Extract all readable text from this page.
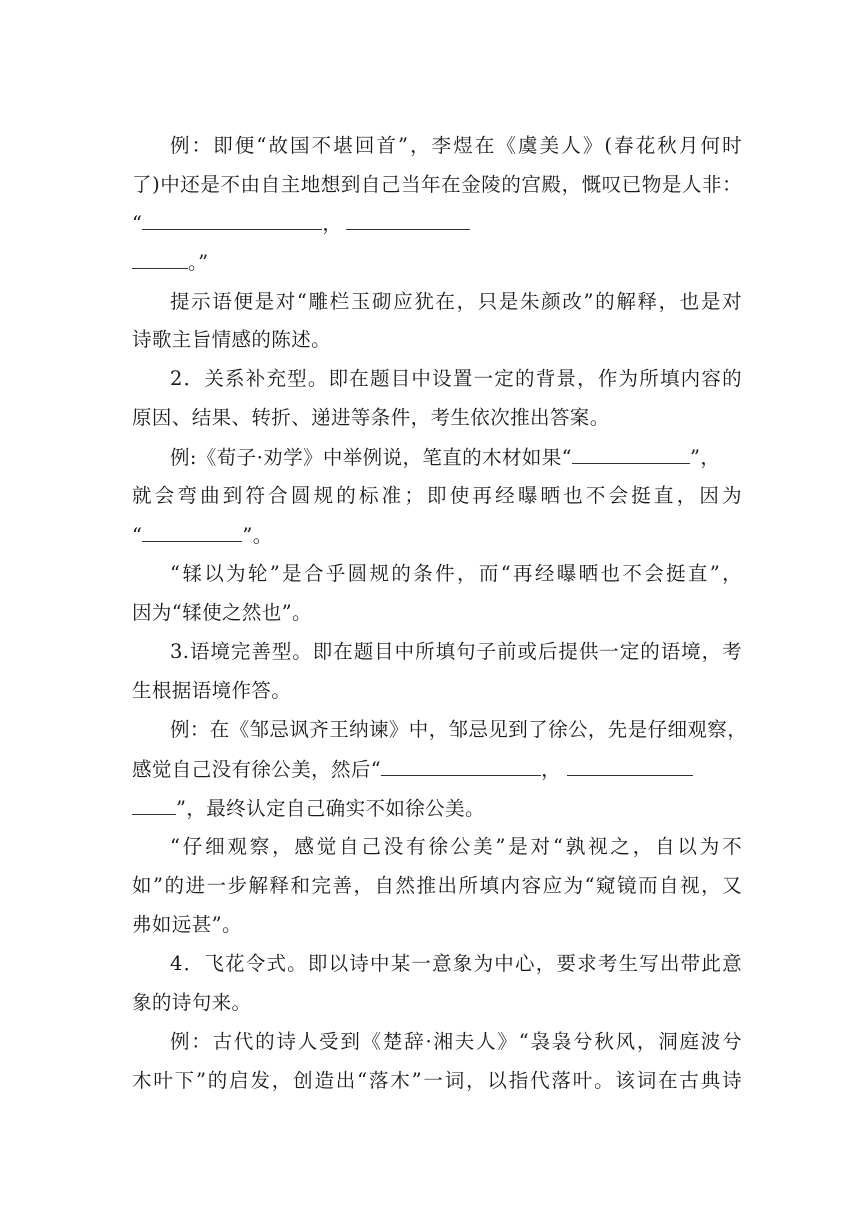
例：即便“故国不堪回首”，李煜在《虞美人》(春花秋月何时
了)中还是不由自主地想到自己当年在金陵的宫殿，慨叹已物是人非：
“	，
。”
提示语便是对“雕栏玉砌应犹在，只是朱颜改”的解释，也是对
诗歌主旨情感的陈述。
2．关系补充型。即在题目中设置一定的背景，作为所填内容的
原因、结果、转折、递进等条件，考生依次推出答案。
例:《荀子·劝学》中举例说，笔直的木材如果“	”，
就会弯曲到符合圆规的标准；即使再经曝晒也不会挺直，因为
“	”。
“𫐓以为轮”是合乎圆规的条件，而“再经曝晒也不会挺直”，
因为“𫐓使之然也”。
3.语境完善型。即在题目中所填句子前或后提供一定的语境，考
生根据语境作答。
例：在《邹忌讽齐王纳谏》中，邹忌见到了徐公，先是仔细观察，
感觉自己没有徐公美，然后“	，
”，最终认定自己确实不如徐公美。
“仔细观察，感觉自己没有徐公美”是对“孰视之，自以为不
如”的进一步解释和完善，自然推出所填内容应为“窥镜而自视，又
弗如远甚”。
4．飞花令式。即以诗中某一意象为中心，要求考生写出带此意
象的诗句来。
例：古代的诗人受到《楚辞·湘夫人》“袅袅兮秋风，洞庭波兮
木叶下”的启发，创造出“落木”一词，以指代落叶。该词在古典诗
